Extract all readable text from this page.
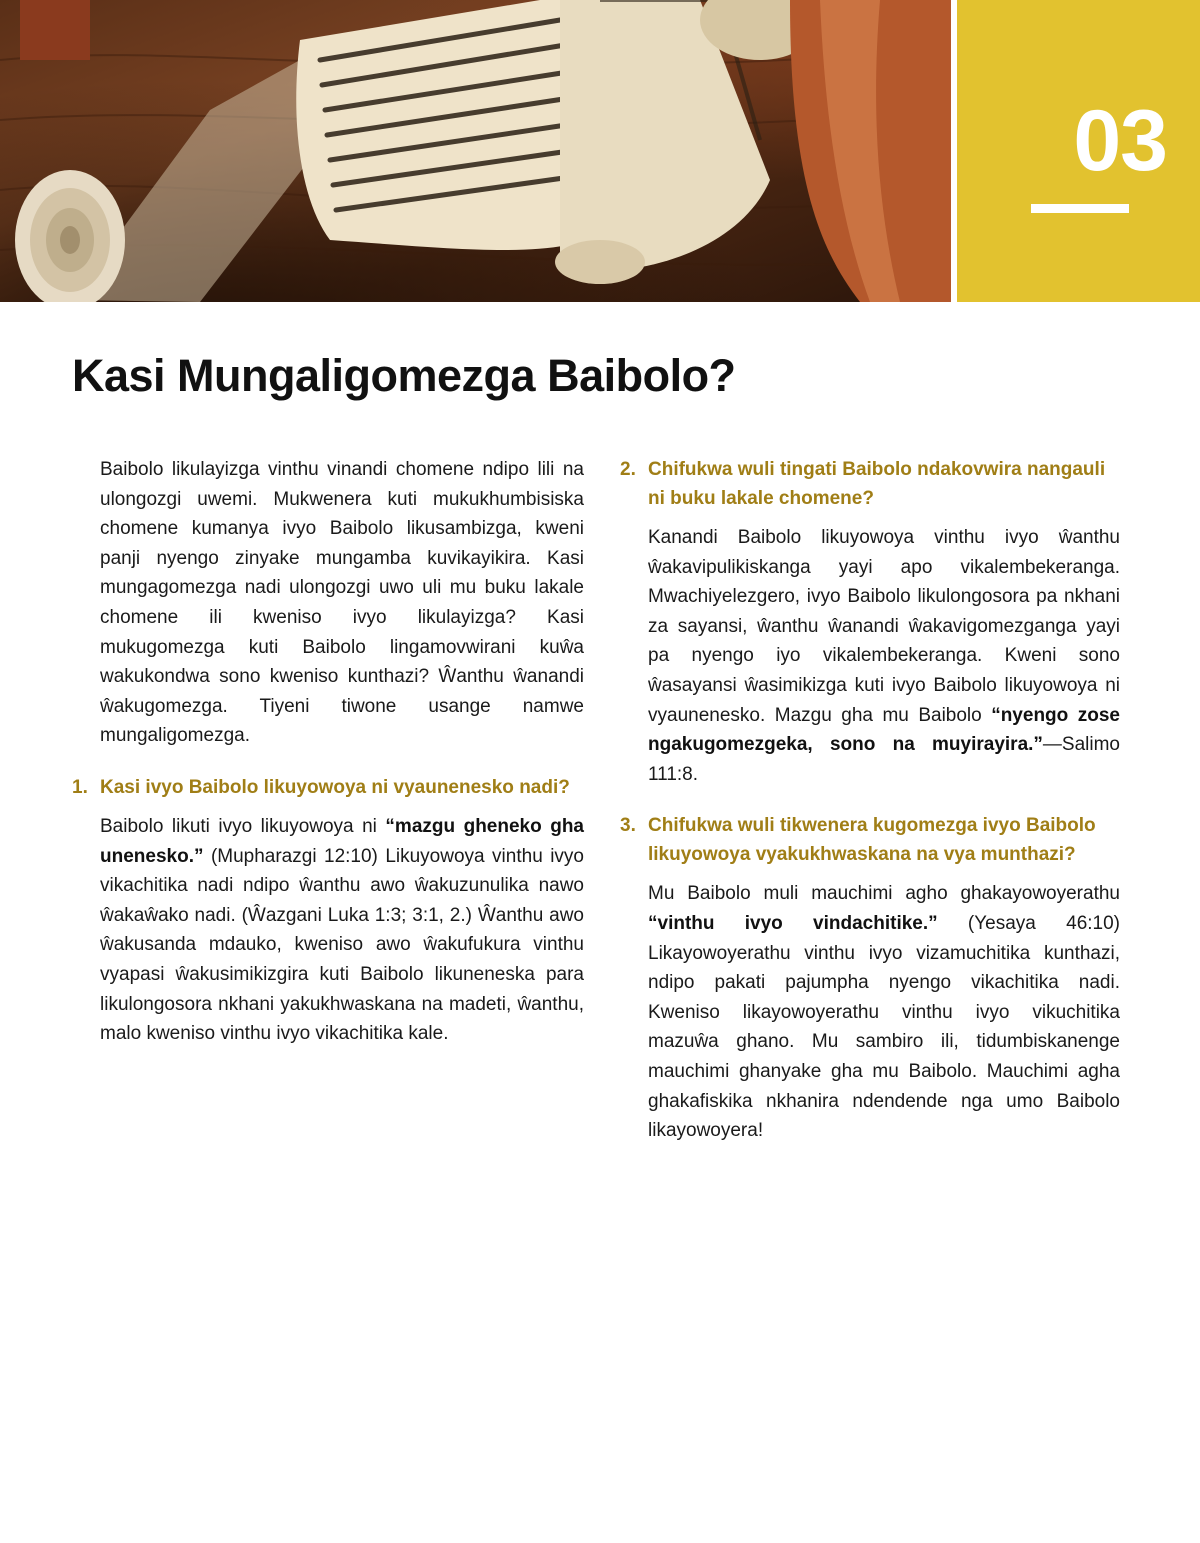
03
Kasi Mungaligomezga Baibolo?

Baibolo likulayizga vinthu vinandi chomene ndipo lili na ulongozgi uwemi. Mukwenera kuti mukukhumbisiska chomene kumanya ivyo Baibolo likusambizga, kweni panji nyengo zinyake mungamba kuvikayikira. Kasi mungagomezga nadi ulongozgi uwo uli mu buku lakale chomene ili kweniso ivyo likulayizga? Kasi mukugomezga kuti Baibolo lingamovwirani kuŵa wakukondwa sono kweniso kunthazi? Ŵanthu ŵanandi ŵakugomezga. Tiyeni tiwone usange namwe mungaligomezga.

1. Kasi ivyo Baibolo likuyowoya ni vyaunenesko nadi?

Baibolo likuti ivyo likuyowoya ni “mazgu gheneko gha unenesko.” (Mupharazgi 12:10) Likuyowoya vinthu ivyo vikachitika nadi ndipo ŵanthu awo ŵakuzunulika nawo ŵakaŵako nadi. (Ŵazgani Luka 1:3; 3:1, 2.) Ŵanthu awo ŵakusanda mdauko, kweniso awo ŵakufukura vinthu vyapasi ŵakusimikizgira kuti Baibolo likuneneska para likulongosora nkhani yakukhwaskana na madeti, ŵanthu, malo kweniso vinthu ivyo vikachitika kale.

2. Chifukwa wuli tingati Baibolo ndakovwira nangauli ni buku lakale chomene?

Kanandi Baibolo likuyowoya vinthu ivyo ŵanthu ŵakavipulikiskanga yayi apo vikalembekeranga. Mwachiyelezgero, ivyo Baibolo likulongosora pa nkhani za sayansi, ŵanthu ŵanandi ŵakavigomezganga yayi pa nyengo iyo vikalembekeranga. Kweni sono ŵasayansi ŵasimikizga kuti ivyo Baibolo likuyowoya ni vyaunenesko. Mazgu gha mu Baibolo “nyengo zose ngakugomezgeka, sono na muyirayira.”—Salimo 111:8.

3. Chifukwa wuli tikwenera kugomezga ivyo Baibolo likuyowoya vyakukhwaskana na vya munthazi?

Mu Baibolo muli mauchimi agho ghakayowoyerathu “vinthu ivyo vindachitike.” (Yesaya 46:10) Likayowoyerathu vinthu ivyo vizamuchitika kunthazi, ndipo pakati pajumpha nyengo vikachitika nadi. Kweniso likayowoyerathu vinthu ivyo vikuchitika mazuŵa ghano. Mu sambiro ili, tidumbiskanenge mauchimi ghanyake gha mu Baibolo. Mauchimi agha ghakafiskika nkhanira ndendende nga umo Baibolo likayowoyera!
